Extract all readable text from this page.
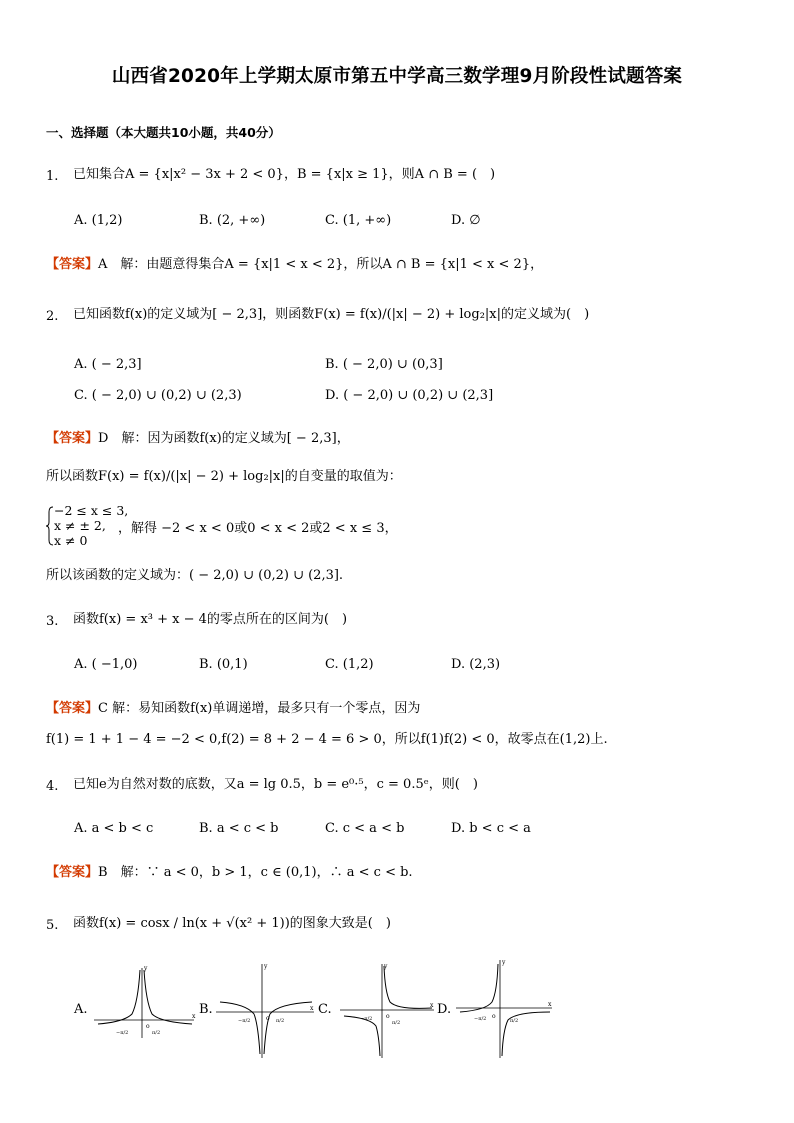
山西省2020年上学期太原市第五中学高三数学理9月阶段性试题答案
一、选择题（本大题共10小题，共40分）
1. 已知集合A = {x|x² − 3x + 2 < 0}，B = {x|x ≥ 1}，则A ∩ B = (　)
A. (1,2)	B. (2, +∞)	C. (1, +∞)	D. ∅
【答案】A　解：由题意得集合A = {x|1 < x < 2}，所以A ∩ B = {x|1 < x < 2}，
2. 已知函数f(x)的定义域为[ − 2,3]，则函数F(x) = f(x)/(|x| − 2) + log₂|x|的定义域为(　)
A. ( − 2,3]	B. ( − 2,0) ∪ (0,3]
C. ( − 2,0) ∪ (0,2) ∪ (2,3)	D. ( − 2,0) ∪ (0,2) ∪ (2,3]
【答案】D　解：因为函数f(x)的定义域为[ − 2,3]，
所以函数F(x) = f(x)/(|x| − 2) + log₂|x|的自变量的取值为：
−2 ≤ x ≤ 3,
x ≠ ± 2,
x ≠ 0
，解得 −2 < x < 0或0 < x < 2或2 < x ≤ 3，
所以该函数的定义域为：( − 2,0) ∪ (0,2) ∪ (2,3].
3. 函数f(x) = x³ + x − 4的零点所在的区间为(　)
A. ( −1,0)	B. (0,1)	C. (1,2)	D. (2,3)
【答案】C 解：易知函数f(x)单调递增，最多只有一个零点，因为
f(1) = 1 + 1 − 4 = −2 < 0,f(2) = 8 + 2 − 4 = 6 > 0，所以f(1)f(2) < 0，故零点在(1,2)上.
4. 已知e为自然对数的底数，又a = lg 0.5，b = e⁰·⁵，c = 0.5ᵉ，则(　)
A. a < b < c	B. a < c < b	C. c < a < b	D. b < c < a
【答案】B　解：∵ a < 0，b > 1，c ∈ (0,1)，∴ a < c < b.
5. 函数f(x) = cosx / ln(x + √(x² + 1))的图象大致是(　)
A.	B.	C.	D.
o
x
y
−π/2	π/2
o
x
y
−π/2	π/2
o
x
y
−π/2
π/2
o
x
y
−π/2	π/2
